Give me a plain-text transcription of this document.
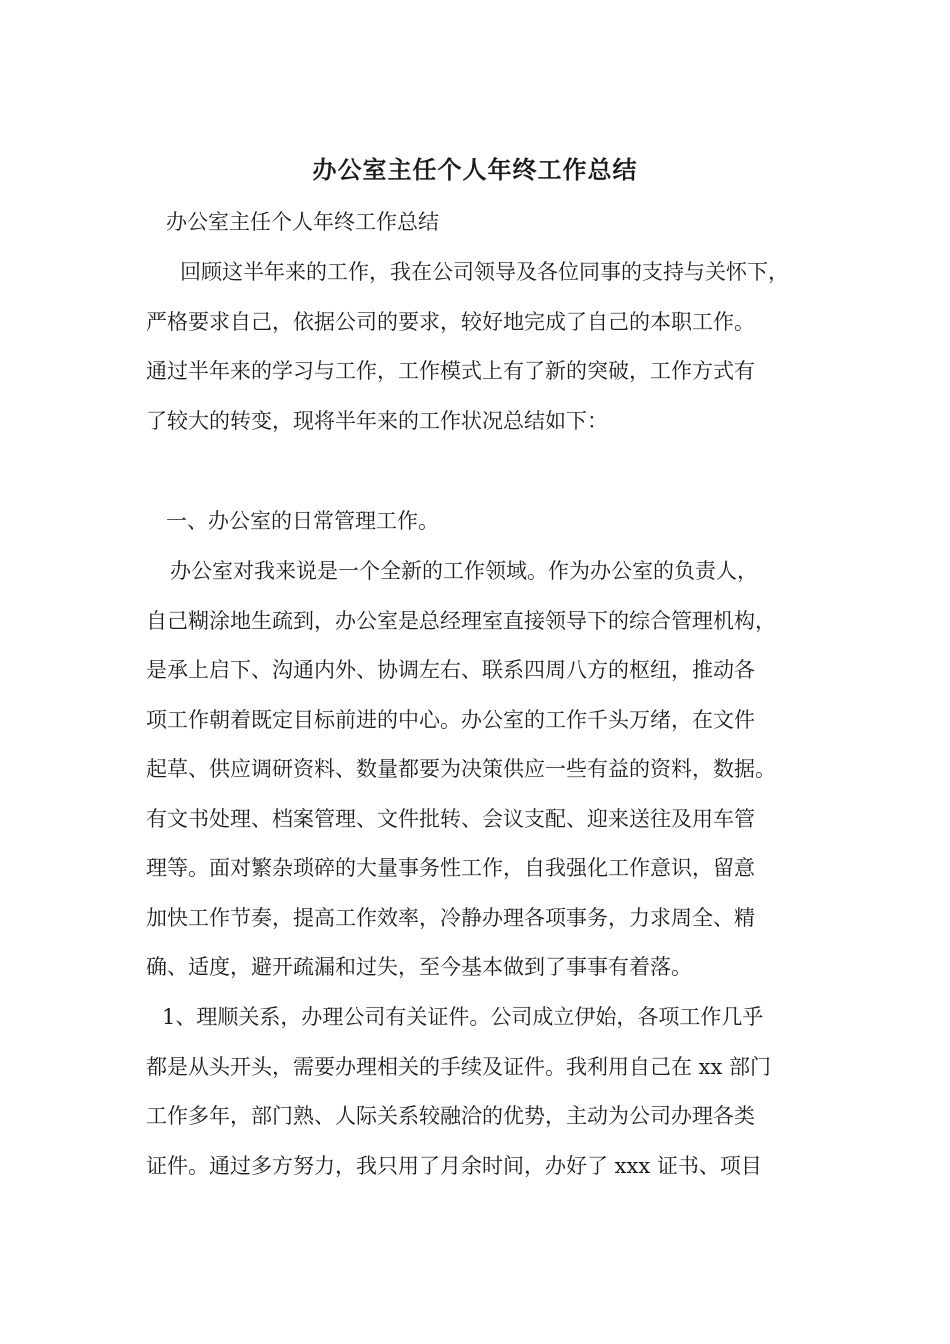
办公室主任个人年终工作总结
办公室主任个人年终工作总结
回顾这半年来的工作，我在公司领导及各位同事的支持与关怀下，
严格要求自己，依据公司的要求，较好地完成了自己的本职工作。
通过半年来的学习与工作，工作模式上有了新的突破，工作方式有
了较大的转变，现将半年来的工作状况总结如下：
一、办公室的日常管理工作。
办公室对我来说是一个全新的工作领域。作为办公室的负责人，
自己糊涂地生疏到，办公室是总经理室直接领导下的综合管理机构，
是承上启下、沟通内外、协调左右、联系四周八方的枢纽，推动各
项工作朝着既定目标前进的中心。办公室的工作千头万绪，在文件
起草、供应调研资料、数量都要为决策供应一些有益的资料，数据。
有文书处理、档案管理、文件批转、会议支配、迎来送往及用车管
理等。面对繁杂琐碎的大量事务性工作，自我强化工作意识，留意
加快工作节奏，提高工作效率，冷静办理各项事务，力求周全、精
确、适度，避开疏漏和过失，至今基本做到了事事有着落。
1、理顺关系，办理公司有关证件。公司成立伊始，各项工作几乎
都是从头开头，需要办理相关的手续及证件。我利用自己在 xx 部门
工作多年，部门熟、人际关系较融洽的优势，主动为公司办理各类
证件。通过多方努力，我只用了月余时间，办好了 xxx 证书、项目
